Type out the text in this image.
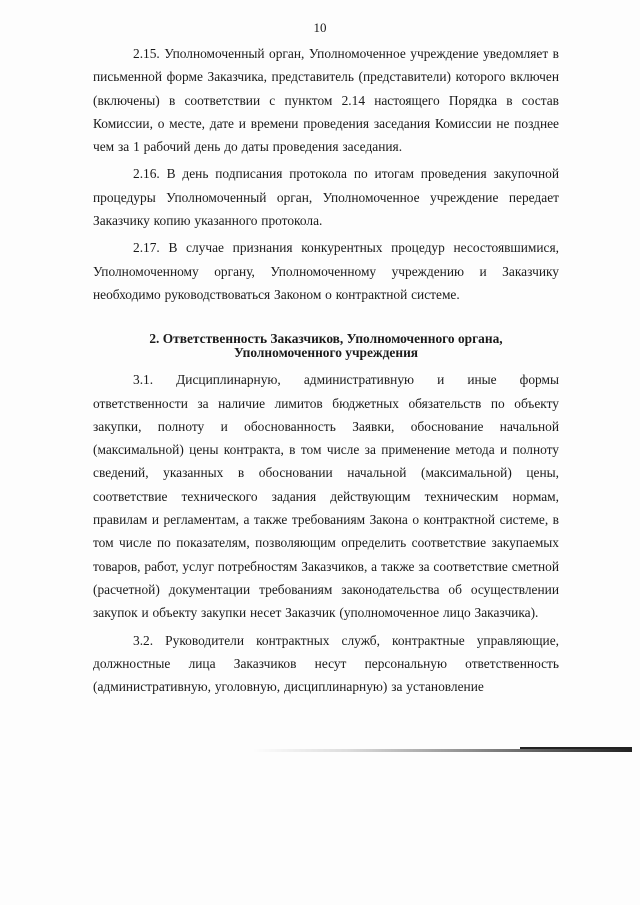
10

2.15. Уполномоченный орган, Уполномоченное учреждение уведомляет в письменной форме Заказчика, представитель (представители) которого включен (включены) в соответствии с пунктом 2.14 настоящего Порядка в состав Комиссии, о месте, дате и времени проведения заседания Комиссии не позднее чем за 1 рабочий день до даты проведения заседания.

2.16. В день подписания протокола по итогам проведения закупочной процедуры Уполномоченный орган, Уполномоченное учреждение передает Заказчику копию указанного протокола.

2.17. В случае признания конкурентных процедур несостоявшимися, Уполномоченному органу, Уполномоченному учреждению и Заказчику необходимо руководствоваться Законом о контрактной системе.

2. Ответственность Заказчиков, Уполномоченного органа,
Уполномоченного учреждения

3.1. Дисциплинарную, административную и иные формы ответственности за наличие лимитов бюджетных обязательств по объекту закупки, полноту и обоснованность Заявки, обоснование начальной (максимальной) цены контракта, в том числе за применение метода и полноту сведений, указанных в обосновании начальной (максимальной) цены, соответствие технического задания действующим техническим нормам, правилам и регламентам, а также требованиям Закона о контрактной системе, в том числе по показателям, позволяющим определить соответствие закупаемых товаров, работ, услуг потребностям Заказчиков, а также за соответствие сметной (расчетной) документации требованиям законодательства об осуществлении закупок и объекту закупки несет Заказчик (уполномоченное лицо Заказчика).

3.2. Руководители контрактных служб, контрактные управляющие, должностные лица Заказчиков несут персональную ответственность (административную, уголовную, дисциплинарную) за установление
